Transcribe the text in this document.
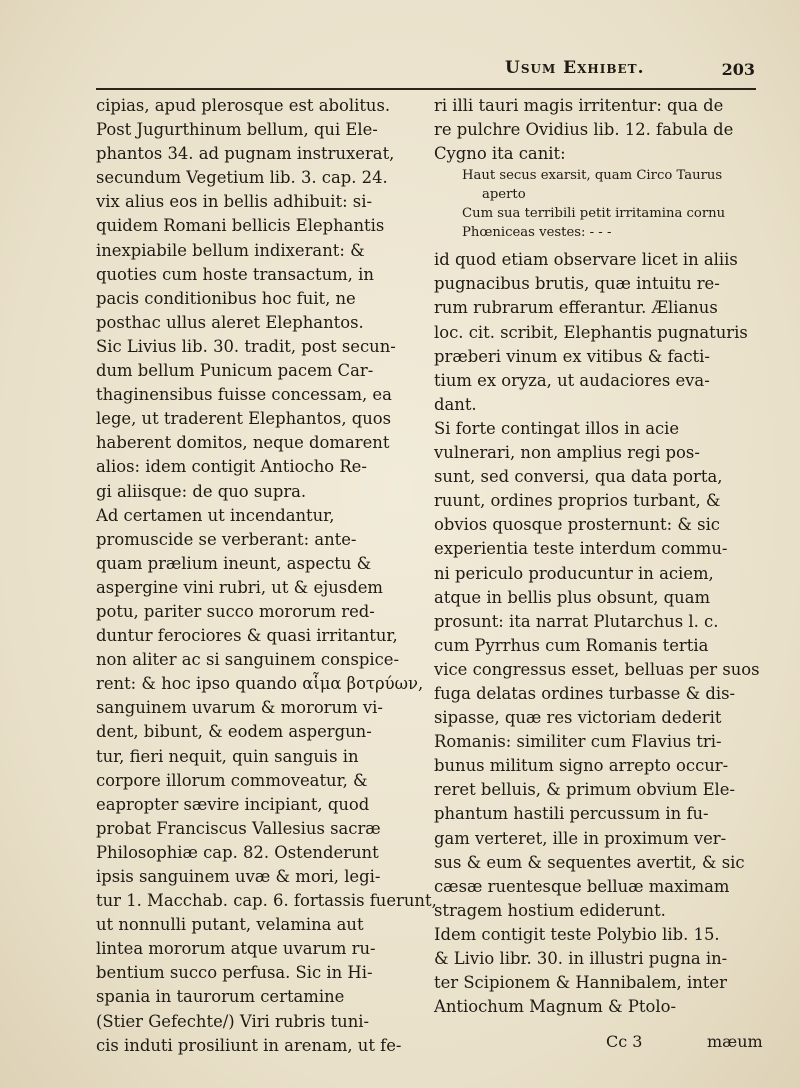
Usum Exhibet.	203
cipias, apud plerosque est abolitus.
Post Jugurthinum bellum, qui Ele-
phantos 34. ad pugnam instruxerat,
secundum Vegetium lib. 3. cap. 24.
vix alius eos in bellis adhibuit: si-
quidem Romani bellicis Elephantis
inexpiabile bellum indixerant: &
quoties cum hoste transactum, in
pacis conditionibus hoc fuit, ne
posthac ullus aleret Elephantos.
Sic Livius lib. 30. tradit, post secun-
dum bellum Punicum pacem Car-
thaginensibus fuisse concessam, ea
lege, ut traderent Elephantos, quos
haberent domitos, neque domarent
alios: idem contigit Antiocho Re-
gi aliisque: de quo supra.
Ad certamen ut incendantur,
promuscide se verberant: ante-
quam prælium ineunt, aspectu &
aspergine vini rubri, ut & ejusdem
potu, pariter succo mororum red-
duntur ferociores & quasi irritantur,
non aliter ac si sanguinem conspice-
rent: & hoc ipso quando αἷμα βοτρύων,
sanguinem uvarum & mororum vi-
dent, bibunt, & eodem aspergun-
tur, fieri nequit, quin sanguis in
corpore illorum commoveatur, &
eapropter sævire incipiant, quod
probat Franciscus Vallesius sacræ
Philosophiæ cap. 82. Ostenderunt
ipsis sanguinem uvæ & mori, legi-
tur 1. Macchab. cap. 6. fortassis fuerunt,
ut nonnulli putant, velamina aut
lintea mororum atque uvarum ru-
bentium succo perfusa. Sic in Hi-
spania in taurorum certamine
(Stier Gefechte/) Viri rubris tuni-
cis induti prosiliunt in arenam, ut fe-
ri illi tauri magis irritentur: qua de
re pulchre Ovidius lib. 12. fabula de
Cygno ita canit:
Haut secus exarsit, quam Circo Taurus
aperto
Cum sua terribili petit irritamina cornu
Phœniceas vestes: - - -
id quod etiam observare licet in aliis
pugnacibus brutis, quæ intuitu re-
rum rubrarum efferantur. Ælianus
loc. cit. scribit, Elephantis pugnaturis
præberi vinum ex vitibus & facti-
tium ex oryza, ut audaciores eva-
dant.
Si forte contingat illos in acie
vulnerari, non amplius regi pos-
sunt, sed conversi, qua data porta,
ruunt, ordines proprios turbant, &
obvios quosque prosternunt: & sic
experientia teste interdum commu-
ni periculo producuntur in aciem,
atque in bellis plus obsunt, quam
prosunt: ita narrat Plutarchus l. c.
cum Pyrrhus cum Romanis tertia
vice congressus esset, belluas per suos
fuga delatas ordines turbasse & dis-
sipasse, quæ res victoriam dederit
Romanis: similiter cum Flavius tri-
bunus militum signo arrepto occur-
reret belluis, & primum obvium Ele-
phantum hastili percussum in fu-
gam verteret, ille in proximum ver-
sus & eum & sequentes avertit, & sic
cæsæ ruentesque belluæ maximam
stragem hostium ediderunt.
Idem contigit teste Polybio lib. 15.
& Livio libr. 30. in illustri pugna in-
ter Scipionem & Hannibalem, inter
Antiochum Magnum & Ptolo-
Cc 3	mæum
